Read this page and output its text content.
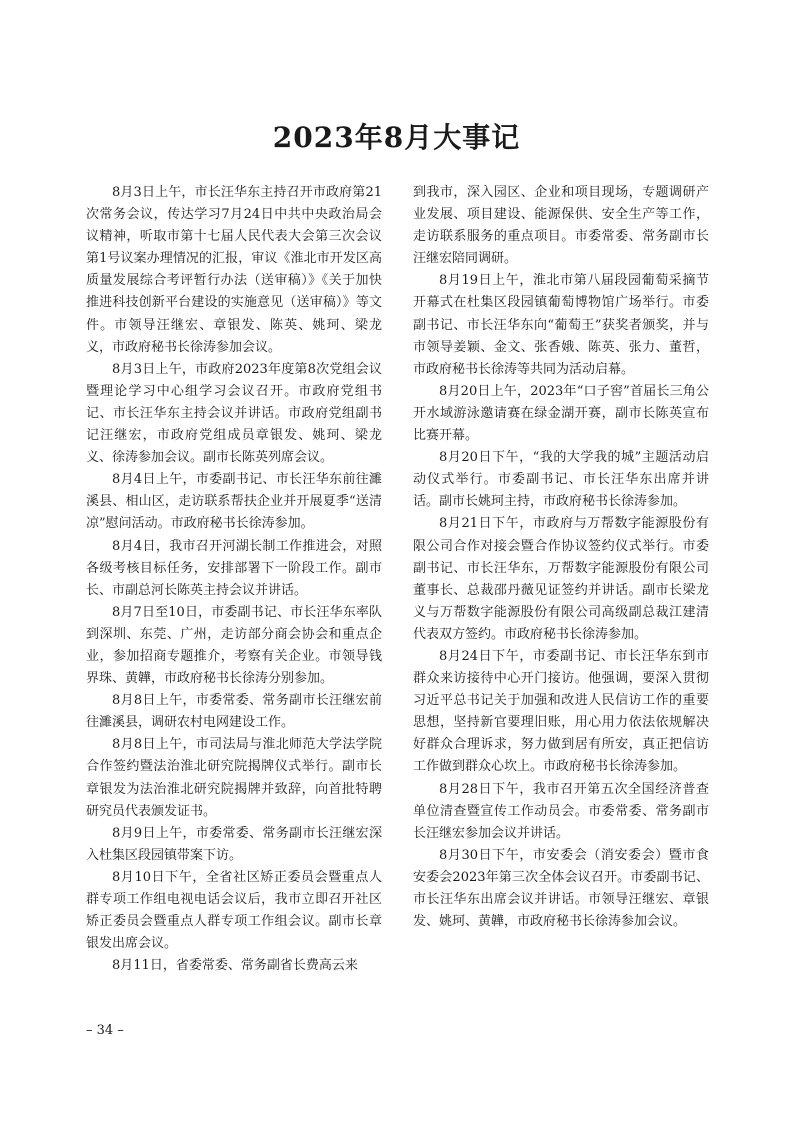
2023年8月大事记

8月3日上午，市长汪华东主持召开市政府第21次常务会议，传达学习7月24日中共中央政治局会议精神，听取市第十七届人民代表大会第三次会议第1号议案办理情况的汇报，审议《淮北市开发区高质量发展综合考评暂行办法（送审稿）》《关于加快推进科技创新平台建设的实施意见（送审稿）》等文件。市领导汪继宏、章银发、陈英、姚珂、梁龙义，市政府秘书长徐涛参加会议。

8月3日上午，市政府2023年度第8次党组会议暨理论学习中心组学习会议召开。市政府党组书记、市长汪华东主持会议并讲话。市政府党组副书记汪继宏，市政府党组成员章银发、姚珂、梁龙义、徐涛参加会议。副市长陈英列席会议。

8月4日上午，市委副书记、市长汪华东前往濉溪县、相山区，走访联系帮扶企业并开展夏季“送清凉”慰问活动。市政府秘书长徐涛参加。

8月4日，我市召开河湖长制工作推进会，对照各级考核目标任务，安排部署下一阶段工作。副市长、市副总河长陈英主持会议并讲话。

8月7日至10日，市委副书记、市长汪华东率队到深圳、东莞、广州，走访部分商会协会和重点企业，参加招商专题推介，考察有关企业。市领导钱界珠、黄韡，市政府秘书长徐涛分别参加。

8月8日上午，市委常委、常务副市长汪继宏前往濉溪县，调研农村电网建设工作。

8月8日上午，市司法局与淮北师范大学法学院合作签约暨法治淮北研究院揭牌仪式举行。副市长章银发为法治淮北研究院揭牌并致辞，向首批特聘研究员代表颁发证书。

8月9日上午，市委常委、常务副市长汪继宏深入杜集区段园镇带案下访。

8月10日下午，全省社区矫正委员会暨重点人群专项工作组电视电话会议后，我市立即召开社区矫正委员会暨重点人群专项工作组会议。副市长章银发出席会议。

8月11日，省委常委、常务副省长费高云来

到我市，深入园区、企业和项目现场，专题调研产业发展、项目建设、能源保供、安全生产等工作，走访联系服务的重点项目。市委常委、常务副市长汪继宏陪同调研。

8月19日上午，淮北市第八届段园葡萄采摘节开幕式在杜集区段园镇葡萄博物馆广场举行。市委副书记、市长汪华东向“葡萄王”获奖者颁奖，并与市领导姜颖、金文、张香娥、陈英、张力、董哲，市政府秘书长徐涛等共同为活动启幕。

8月20日上午，2023年“口子窖”首届长三角公开水域游泳邀请赛在绿金湖开赛，副市长陈英宣布比赛开幕。

8月20日下午，“我的大学我的城”主题活动启动仪式举行。市委副书记、市长汪华东出席并讲话。副市长姚珂主持，市政府秘书长徐涛参加。

8月21日下午，市政府与万帮数字能源股份有限公司合作对接会暨合作协议签约仪式举行。市委副书记、市长汪华东，万帮数字能源股份有限公司董事长、总裁邵丹薇见证签约并讲话。副市长梁龙义与万帮数字能源股份有限公司高级副总裁江建清代表双方签约。市政府秘书长徐涛参加。

8月24日下午，市委副书记、市长汪华东到市群众来访接待中心开门接访。他强调，要深入贯彻习近平总书记关于加强和改进人民信访工作的重要思想，坚持新官要理旧账，用心用力依法依规解决好群众合理诉求，努力做到居有所安，真正把信访工作做到群众心坎上。市政府秘书长徐涛参加。

8月28日下午，我市召开第五次全国经济普查单位清查暨宣传工作动员会。市委常委、常务副市长汪继宏参加会议并讲话。

8月30日下午，市安委会（消安委会）暨市食安委会2023年第三次全体会议召开。市委副书记、市长汪华东出席会议并讲话。市领导汪继宏、章银发、姚珂、黄韡，市政府秘书长徐涛参加会议。

– 34 –
